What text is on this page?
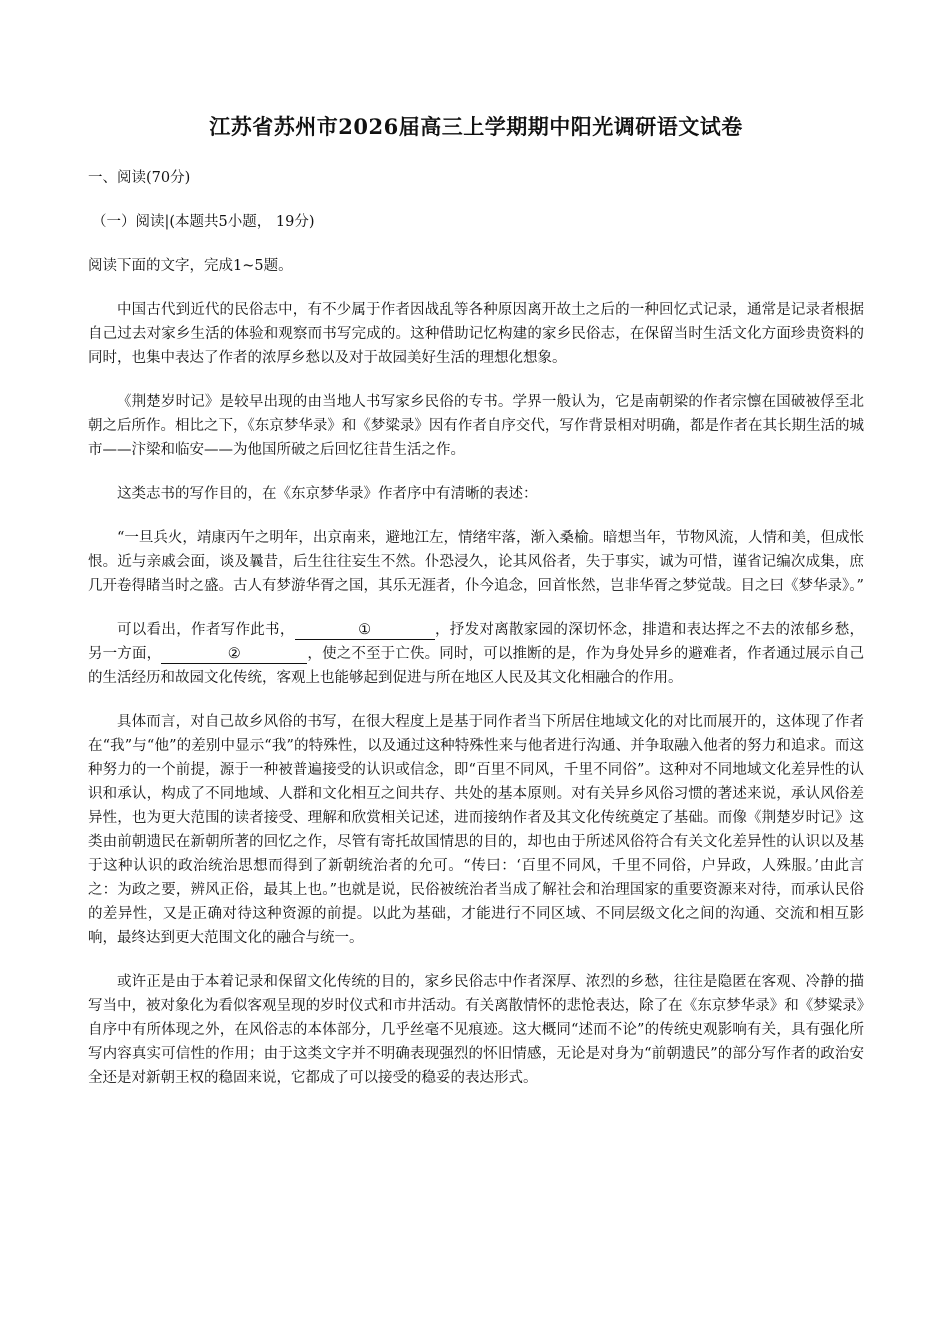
江苏省苏州市2026届高三上学期期中阳光调研语文试卷
一、阅读(70分)
（一）阅读|(本题共5小题， 19分)
阅读下面的文字，完成1~5题。

中国古代到近代的民俗志中，有不少属于作者因战乱等各种原因离开故土之后的一种回忆式记录，通常是记录者根据自己过去对家乡生活的体验和观察而书写完成的。这种借助记忆构建的家乡民俗志，在保留当时生活文化方面珍贵资料的同时，也集中表达了作者的浓厚乡愁以及对于故园美好生活的理想化想象。

《荆楚岁时记》是较早出现的由当地人书写家乡民俗的专书。学界一般认为，它是南朝梁的作者宗懔在国破被俘至北朝之后所作。相比之下，《东京梦华录》和《梦粱录》因有作者自序交代，写作背景相对明确，都是作者在其长期生活的城市——汴梁和临安——为他国所破之后回忆往昔生活之作。

这类志书的写作目的，在《东京梦华录》作者序中有清晰的表述：

“一旦兵火，靖康丙午之明年，出京南来，避地江左，情绪牢落，渐入桑榆。暗想当年，节物风流，人情和美，但成怅恨。近与亲戚会面，谈及曩昔，后生往往妄生不然。仆恐浸久，论其风俗者，失于事实，诚为可惜，谨省记编次成集，庶几开卷得睹当时之盛。古人有梦游华胥之国，其乐无涯者，仆今追念，回首怅然，岂非华胥之梦觉哉。目之曰《梦华录》。”

可以看出，作者写作此书，	①	，抒发对离散家园的深切怀念，排遣和表达挥之不去的浓郁乡愁，另一方面，	②	，使之不至于亡佚。同时，可以推断的是，作为身处异乡的避难者，作者通过展示自己的生活经历和故园文化传统，客观上也能够起到促进与所在地区人民及其文化相融合的作用。

具体而言，对自己故乡风俗的书写，在很大程度上是基于同作者当下所居住地域文化的对比而展开的，这体现了作者在“我”与“他”的差别中显示“我”的特殊性，以及通过这种特殊性来与他者进行沟通、并争取融入他者的努力和追求。而这种努力的一个前提，源于一种被普遍接受的认识或信念，即“百里不同风，千里不同俗”。这种对不同地域文化差异性的认识和承认，构成了不同地域、人群和文化相互之间共存、共处的基本原则。对有关异乡风俗习惯的著述来说，承认风俗差异性，也为更大范围的读者接受、理解和欣赏相关记述，进而接纳作者及其文化传统奠定了基础。而像《荆楚岁时记》这类由前朝遗民在新朝所著的回忆之作，尽管有寄托故国情思的目的，却也由于所述风俗符合有关文化差异性的认识以及基于这种认识的政治统治思想而得到了新朝统治者的允可。“传曰：‘百里不同风，千里不同俗，户异政，人殊服。’由此言之：为政之要，辨风正俗，最其上也。”也就是说，民俗被统治者当成了解社会和治理国家的重要资源来对待，而承认民俗的差异性，又是正确对待这种资源的前提。以此为基础，才能进行不同区域、不同层级文化之间的沟通、交流和相互影响，最终达到更大范围文化的融合与统一。

或许正是由于本着记录和保留文化传统的目的，家乡民俗志中作者深厚、浓烈的乡愁，往往是隐匿在客观、冷静的描写当中，被对象化为看似客观呈现的岁时仪式和市井活动。有关离散情怀的悲怆表达，除了在《东京梦华录》和《梦粱录》自序中有所体现之外，在风俗志的本体部分，几乎丝毫不见痕迹。这大概同“述而不论”的传统史观影响有关，具有强化所写内容真实可信性的作用；由于这类文字并不明确表现强烈的怀旧情感，无论是对身为“前朝遗民”的部分写作者的政治安全还是对新朝王权的稳固来说，它都成了可以接受的稳妥的表达形式。
